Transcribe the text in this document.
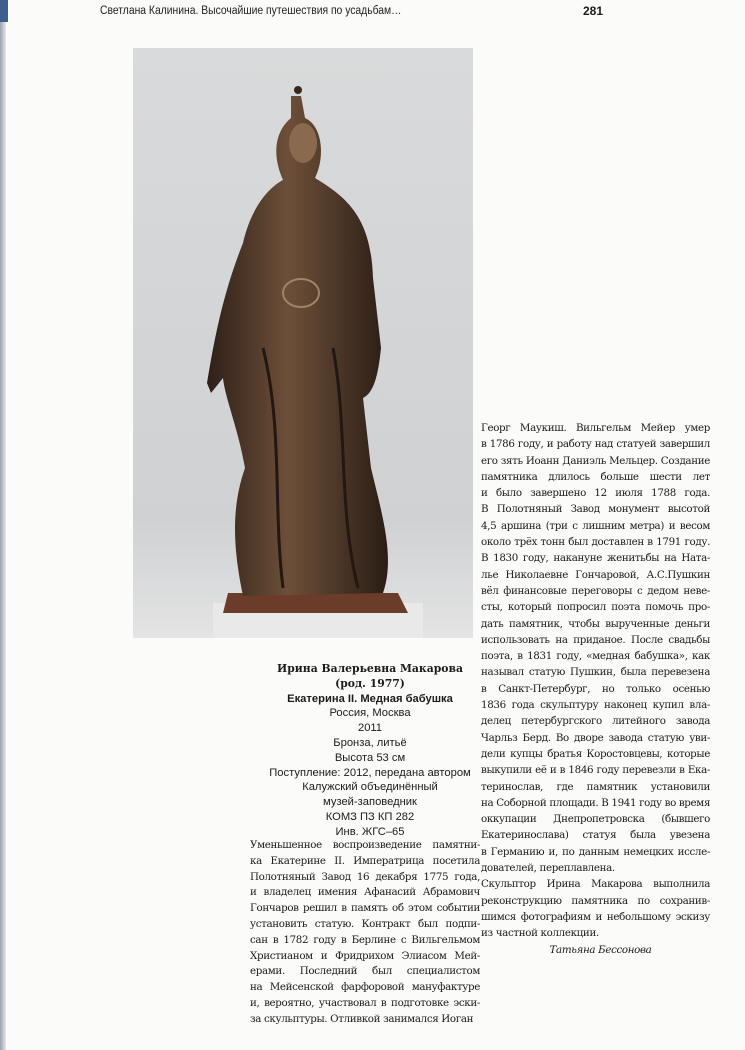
Светлана Калинина. Высочайшие путешествия по усадьбам…	281
Ирина Валерьевна Макарова
(род. 1977)
Екатерина II. Медная бабушка
Россия, Москва
2011
Бронза, литьё
Высота 53 см
Поступление: 2012, передана автором
Калужский объединённый
музей-заповедник
КОМЗ ПЗ КП 282
Инв. ЖГС–65
Уменьшенное воспроизведение памятни-
ка Екатерине II. Императрица посетила
Полотняный Завод 16 декабря 1775 года,
и владелец имения Афанасий Абрамович
Гончаров решил в память об этом событии
установить статую. Контракт был подпи-
сан в 1782 году в Берлине с Вильгельмом
Христианом и Фридрихом Элиасом Мей-
ерами. Последний был специалистом
на Мейсенской фарфоровой мануфактуре
и, вероятно, участвовал в подготовке эски-
за скульптуры. Отливкой занимался Иоган
Георг Маукиш. Вильгельм Мейер умер
в 1786 году, и работу над статуей завершил
его зять Иоанн Даниэль Мельцер. Создание
памятника длилось больше шести лет
и было завершено 12 июля 1788 года.
В Полотняный Завод монумент высотой
4,5 аршина (три с лишним метра) и весом
около трёх тонн был доставлен в 1791 году.
В 1830 году, накануне женитьбы на Ната-
лье Николаевне Гончаровой, А.С.Пушкин
вёл финансовые переговоры с дедом неве-
сты, который попросил поэта помочь про-
дать памятник, чтобы вырученные деньги
использовать на приданое. После свадьбы
поэта, в 1831 году, «медная бабушка», как
называл статую Пушкин, была перевезена
в Санкт-Петербург, но только осенью
1836 года скульптуру наконец купил вла-
делец петербургского литейного завода
Чарльз Берд. Во дворе завода статую уви-
дели купцы братья Коростовцевы, которые
выкупили её и в 1846 году перевезли в Ека-
теринослав, где памятник установили
на Соборной площади. В 1941 году во время
оккупации Днепропетровска (бывшего
Екатеринослава) статуя была увезена
в Германию и, по данным немецких иссле-
дователей, переплавлена.
Скульптор Ирина Макарова выполнила
реконструкцию памятника по сохранив-
шимся фотографиям и небольшому эскизу
из частной коллекции.
Татьяна Бессонова
